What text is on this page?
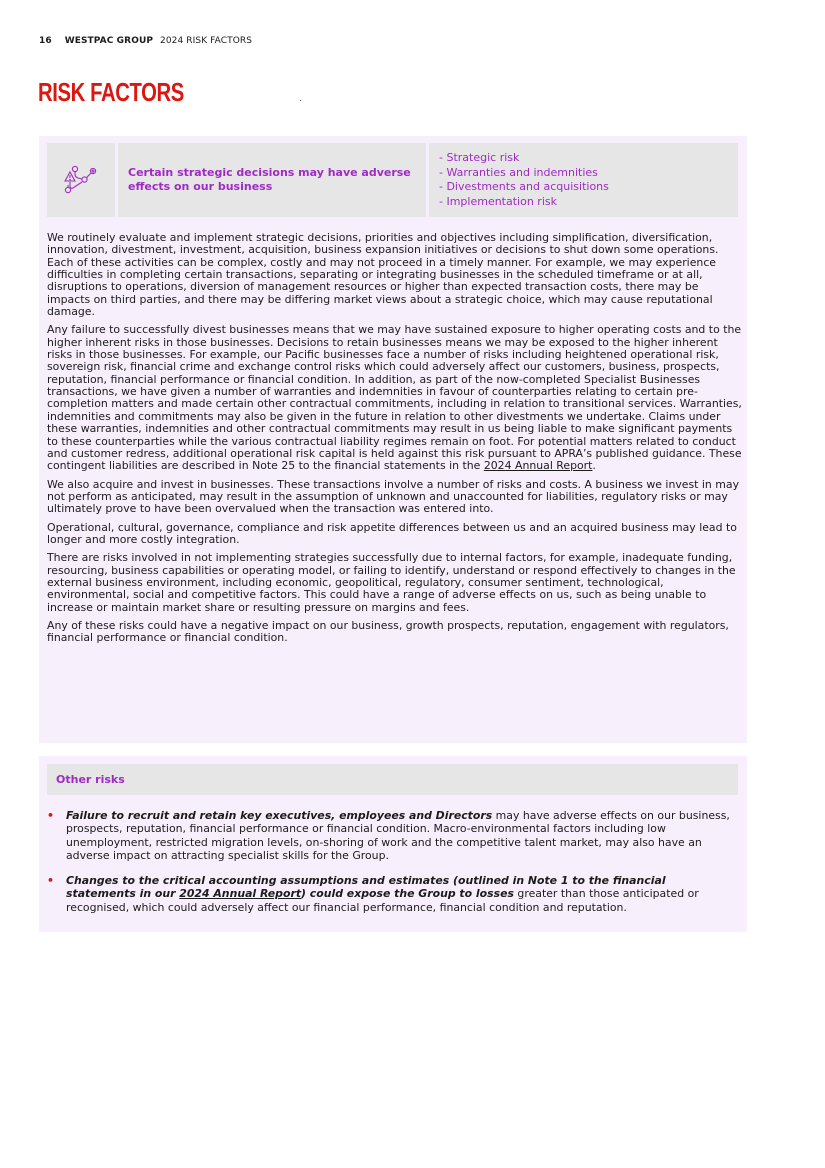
16 WESTPAC GROUP 2024 RISK FACTORS
RISK FACTORS
Certain strategic decisions may have adverse effects on our business
- Strategic risk
- Warranties and indemnities
- Divestments and acquisitions
- Implementation risk

We routinely evaluate and implement strategic decisions, priorities and objectives including simplification, diversification, innovation, divestment, investment, acquisition, business expansion initiatives or decisions to shut down some operations. Each of these activities can be complex, costly and may not proceed in a timely manner. For example, we may experience difficulties in completing certain transactions, separating or integrating businesses in the scheduled timeframe or at all, disruptions to operations, diversion of management resources or higher than expected transaction costs, there may be impacts on third parties, and there may be differing market views about a strategic choice, which may cause reputational damage.

Any failure to successfully divest businesses means that we may have sustained exposure to higher operating costs and to the higher inherent risks in those businesses. Decisions to retain businesses means we may be exposed to the higher inherent risks in those businesses. For example, our Pacific businesses face a number of risks including heightened operational risk, sovereign risk, financial crime and exchange control risks which could adversely affect our customers, business, prospects, reputation, financial performance or financial condition. In addition, as part of the now-completed Specialist Businesses transactions, we have given a number of warranties and indemnities in favour of counterparties relating to certain pre-completion matters and made certain other contractual commitments, including in relation to transitional services. Warranties, indemnities and commitments may also be given in the future in relation to other divestments we undertake. Claims under these warranties, indemnities and other contractual commitments may result in us being liable to make significant payments to these counterparties while the various contractual liability regimes remain on foot. For potential matters related to conduct and customer redress, additional operational risk capital is held against this risk pursuant to APRA’s published guidance. These contingent liabilities are described in Note 25 to the financial statements in the 2024 Annual Report.

We also acquire and invest in businesses. These transactions involve a number of risks and costs. A business we invest in may not perform as anticipated, may result in the assumption of unknown and unaccounted for liabilities, regulatory risks or may ultimately prove to have been overvalued when the transaction was entered into.

Operational, cultural, governance, compliance and risk appetite differences between us and an acquired business may lead to longer and more costly integration.

There are risks involved in not implementing strategies successfully due to internal factors, for example, inadequate funding, resourcing, business capabilities or operating model, or failing to identify, understand or respond effectively to changes in the external business environment, including economic, geopolitical, regulatory, consumer sentiment, technological, environmental, social and competitive factors. This could have a range of adverse effects on us, such as being unable to increase or maintain market share or resulting pressure on margins and fees.

Any of these risks could have a negative impact on our business, growth prospects, reputation, engagement with regulators, financial performance or financial condition.

Other risks
• Failure to recruit and retain key executives, employees and Directors may have adverse effects on our business, prospects, reputation, financial performance or financial condition. Macro-environmental factors including low unemployment, restricted migration levels, on-shoring of work and the competitive talent market, may also have an adverse impact on attracting specialist skills for the Group.
• Changes to the critical accounting assumptions and estimates (outlined in Note 1 to the financial statements in our 2024 Annual Report) could expose the Group to losses greater than those anticipated or recognised, which could adversely affect our financial performance, financial condition and reputation.
